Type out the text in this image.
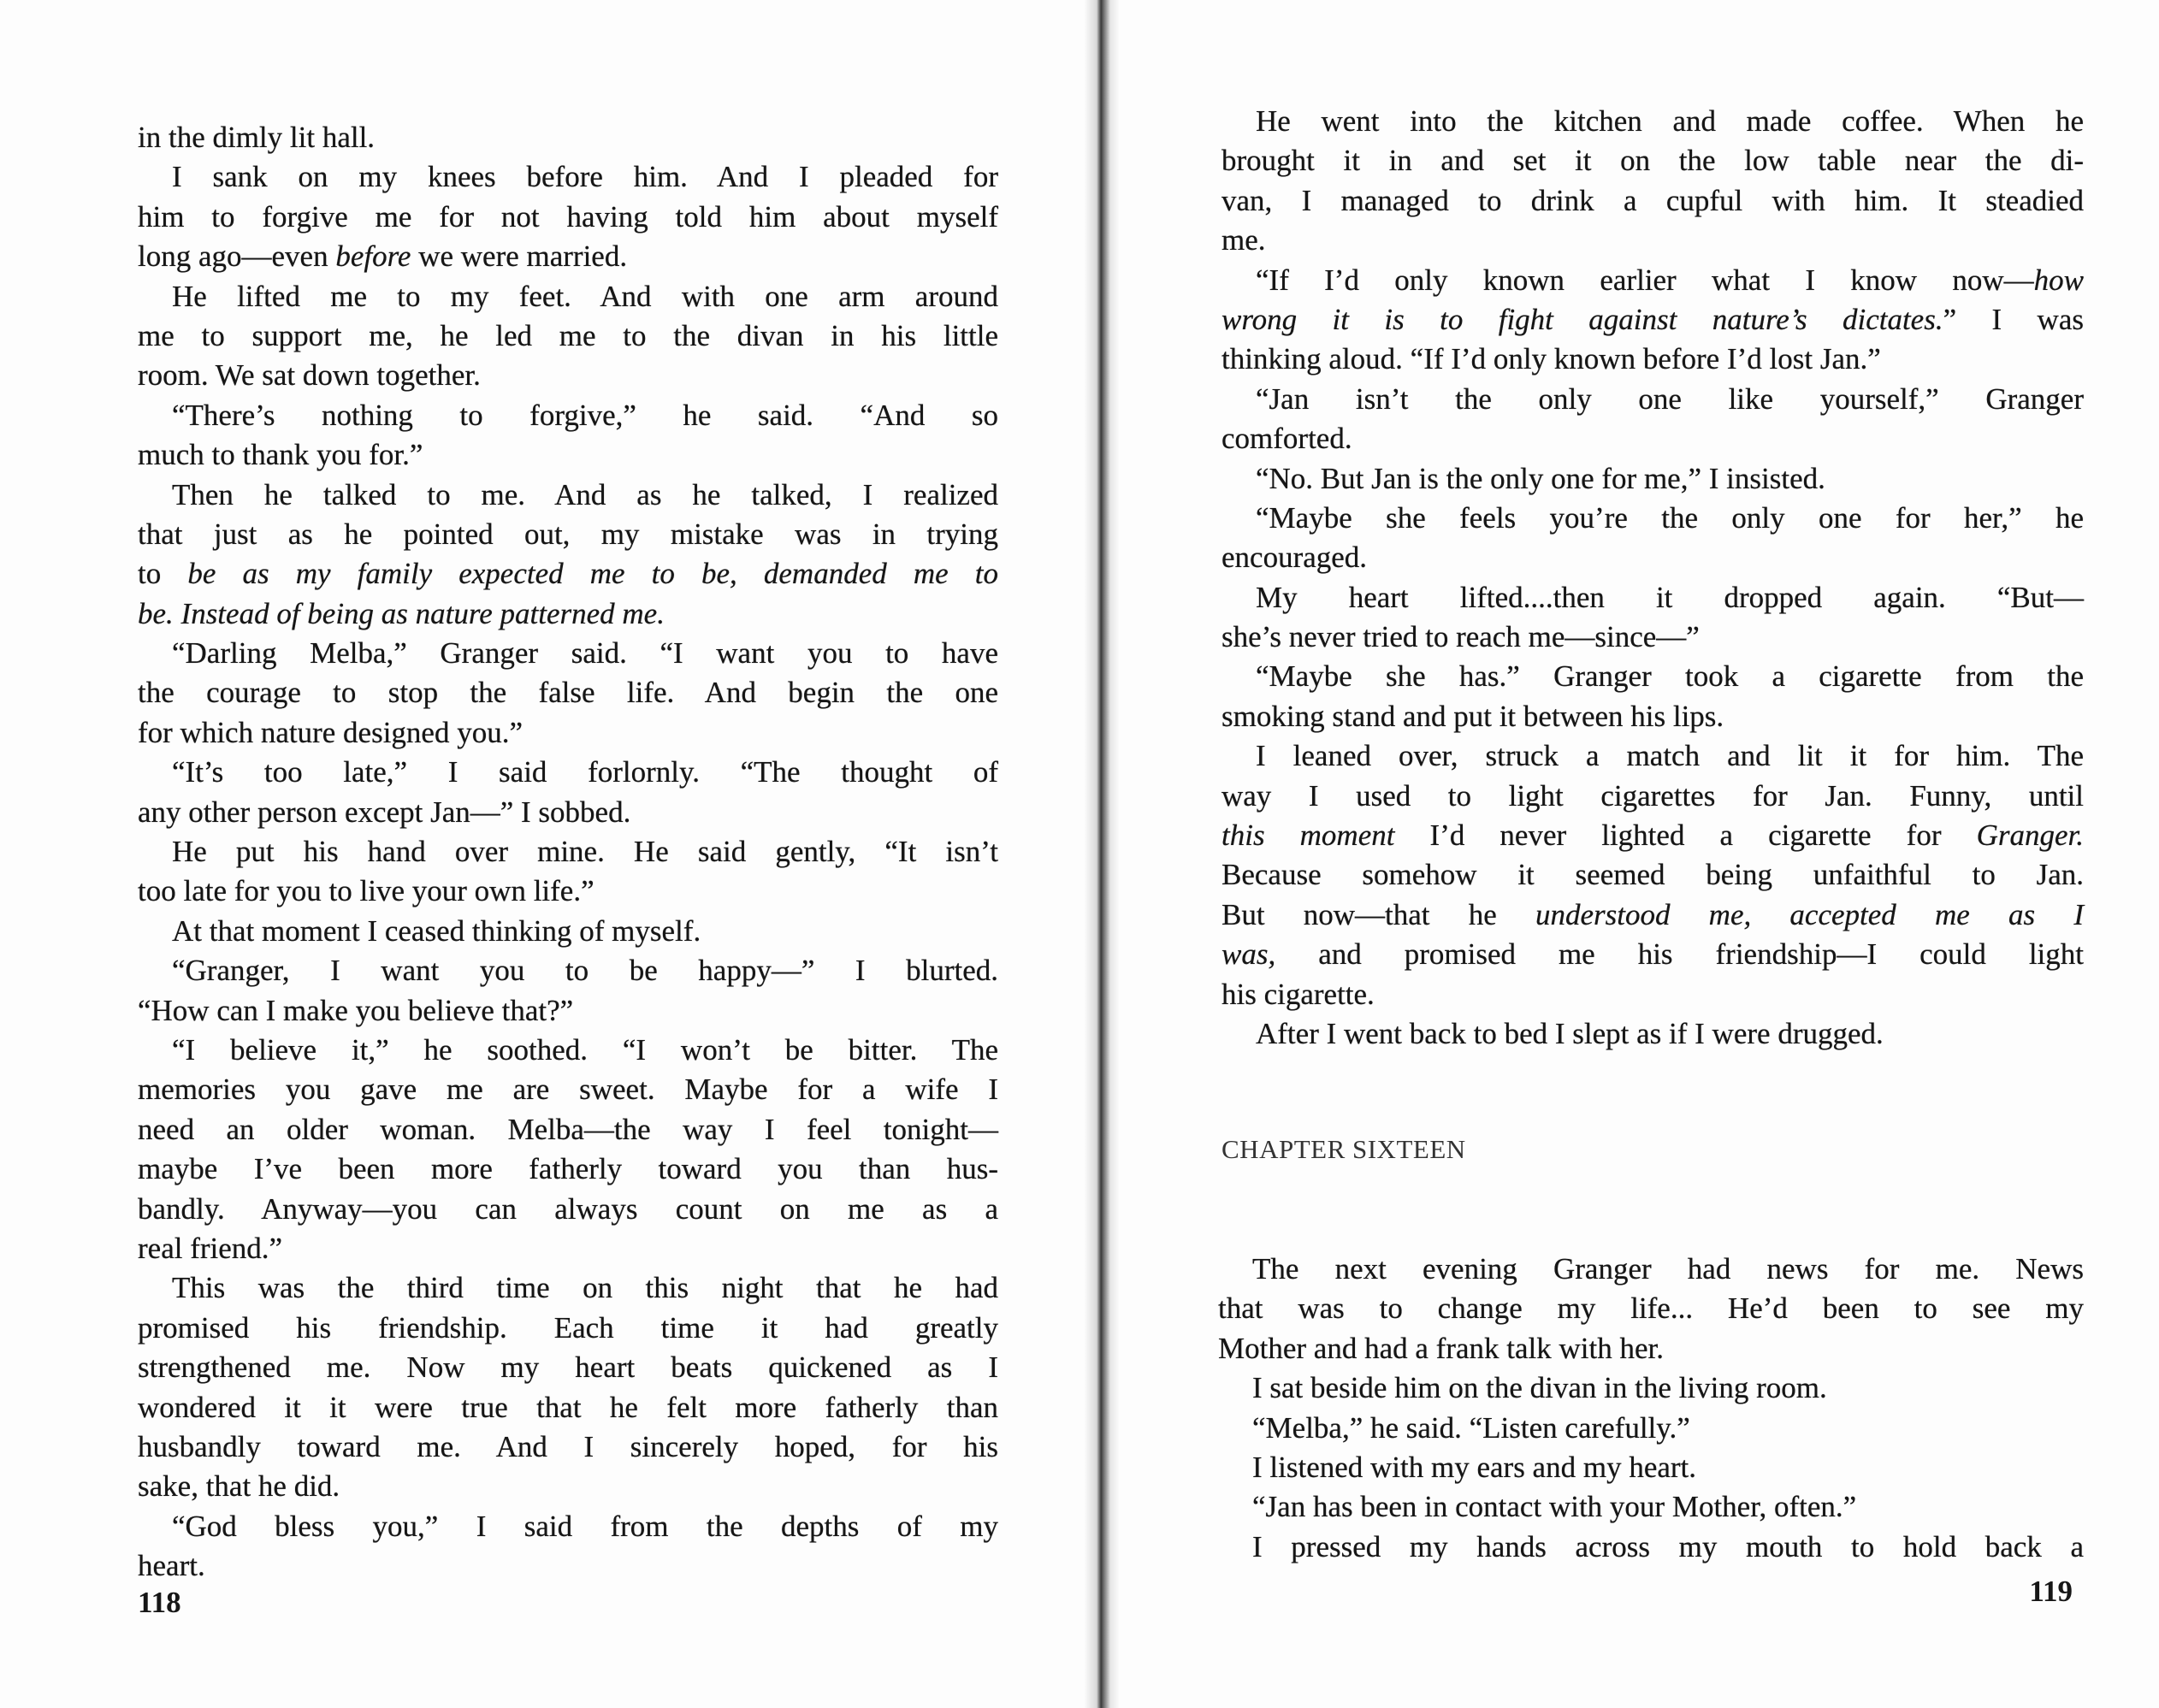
in the dimly lit hall.
I sank on my knees before him. And I pleaded for
him to forgive me for not having told him about myself
long ago—even before we were married.
He lifted me to my feet. And with one arm around
me to support me, he led me to the divan in his little
room. We sat down together.
“There’s nothing to forgive,” he said. “And so
much to thank you for.”
Then he talked to me. And as he talked, I realized
that just as he pointed out, my mistake was in trying
to be as my family expected me to be, demanded me to
be. Instead of being as nature patterned me.
“Darling Melba,” Granger said. “I want you to have
the courage to stop the false life. And begin the one
for which nature designed you.”
“It’s too late,” I said forlornly. “The thought of
any other person except Jan—” I sobbed.
He put his hand over mine. He said gently, “It isn’t
too late for you to live your own life.”
At that moment I ceased thinking of myself.
“Granger, I want you to be happy—” I blurted.
“How can I make you believe that?”
“I believe it,” he soothed. “I won’t be bitter. The
memories you gave me are sweet. Maybe for a wife I
need an older woman. Melba—the way I feel tonight—
maybe I’ve been more fatherly toward you than hus-
bandly. Anyway—you can always count on me as a
real friend.”
This was the third time on this night that he had
promised his friendship. Each time it had greatly
strengthened me. Now my heart beats quickened as I
wondered it it were true that he felt more fatherly than
husbandly toward me. And I sincerely hoped, for his
sake, that he did.
“God bless you,” I said from the depths of my
heart.
118
He went into the kitchen and made coffee. When he
brought it in and set it on the low table near the di-
van, I managed to drink a cupful with him. It steadied
me.
“If I’d only known earlier what I know now—how
wrong it is to fight against nature’s dictates.” I was
thinking aloud. “If I’d only known before I’d lost Jan.”
“Jan isn’t the only one like yourself,” Granger
comforted.
“No. But Jan is the only one for me,” I insisted.
“Maybe she feels you’re the only one for her,” he
encouraged.
My heart lifted....then it dropped again. “But—
she’s never tried to reach me—since—”
“Maybe she has.” Granger took a cigarette from the
smoking stand and put it between his lips.
I leaned over, struck a match and lit it for him. The
way I used to light cigarettes for Jan. Funny, until
this moment I’d never lighted a cigarette for Granger.
Because somehow it seemed being unfaithful to Jan.
But now—that he understood me, accepted me as I
was, and promised me his friendship—I could light
his cigarette.
After I went back to bed I slept as if I were drugged.
CHAPTER SIXTEEN
The next evening Granger had news for me. News
that was to change my life... He’d been to see my
Mother and had a frank talk with her.
I sat beside him on the divan in the living room.
“Melba,” he said. “Listen carefully.”
I listened with my ears and my heart.
“Jan has been in contact with your Mother, often.”
I pressed my hands across my mouth to hold back a
119
